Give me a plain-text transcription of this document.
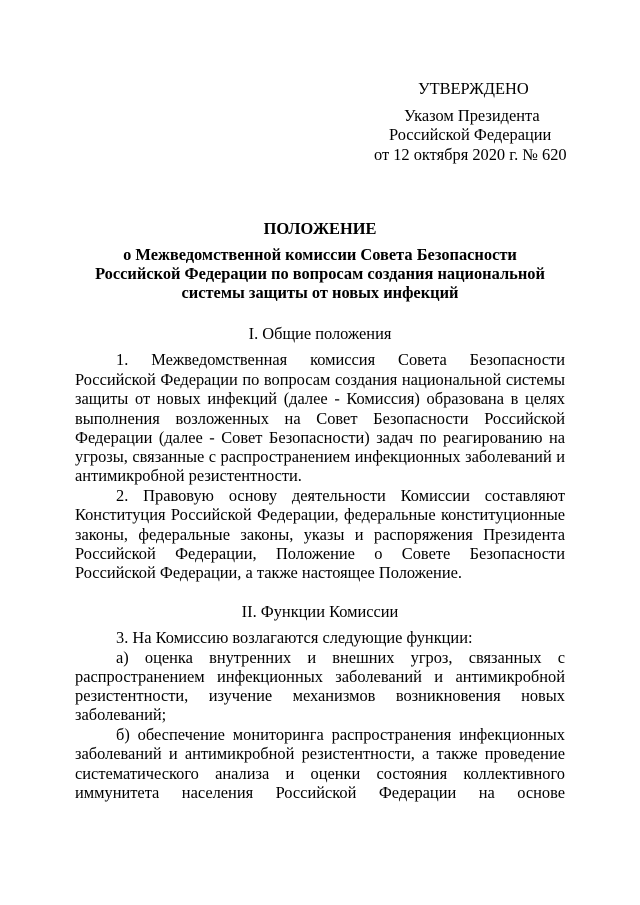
УТВЕРЖДЕНО
Указом Президента
Российской Федерации
от 12 октября 2020 г. № 620
ПОЛОЖЕНИЕ
о Межведомственной комиссии Совета Безопасности
Российской Федерации по вопросам создания национальной
системы защиты от новых инфекций
I. Общие положения
1. Межведомственная комиссия Совета Безопасности
Российской Федерации по вопросам создания национальной системы
защиты от новых инфекций (далее - Комиссия) образована в целях
выполнения возложенных на Совет Безопасности Российской
Федерации (далее - Совет Безопасности) задач по реагированию на
угрозы, связанные с распространением инфекционных заболеваний и
антимикробной резистентности.
2. Правовую основу деятельности Комиссии составляют
Конституция Российской Федерации, федеральные конституционные
законы, федеральные законы, указы и распоряжения Президента
Российской Федерации, Положение о Совете Безопасности
Российской Федерации, а также настоящее Положение.
II. Функции Комиссии
3. На Комиссию возлагаются следующие функции:
а) оценка внутренних и внешних угроз, связанных с
распространением инфекционных заболеваний и антимикробной
резистентности, изучение механизмов возникновения новых
заболеваний;
б) обеспечение мониторинга распространения инфекционных
заболеваний и антимикробной резистентности, а также проведение
систематического анализа и оценки состояния коллективного
иммунитета населения Российской Федерации на основе
